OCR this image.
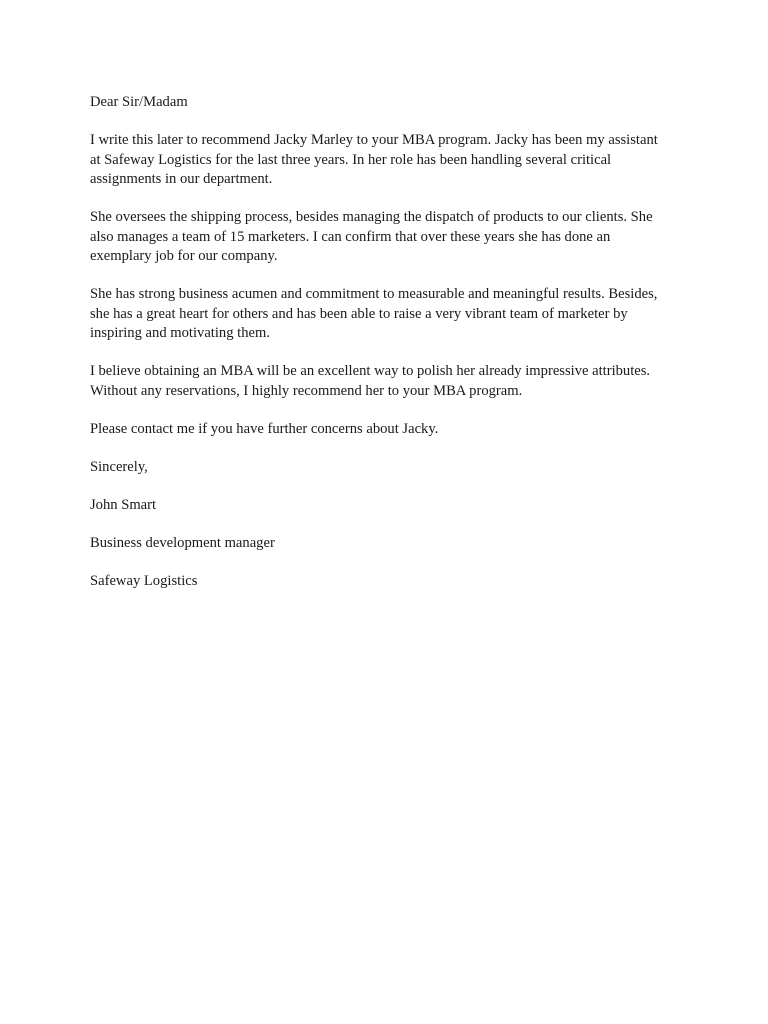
Dear Sir/Madam

I write this later to recommend Jacky Marley to your MBA program. Jacky has been my assistant
at Safeway Logistics for the last three years. In her role has been handling several critical
assignments in our department.

She oversees the shipping process, besides managing the dispatch of products to our clients. She
also manages a team of 15 marketers. I can confirm that over these years she has done an
exemplary job for our company.

She has strong business acumen and commitment to measurable and meaningful results. Besides,
she has a great heart for others and has been able to raise a very vibrant team of marketer by
inspiring and motivating them.

I believe obtaining an MBA will be an excellent way to polish her already impressive attributes.
Without any reservations, I highly recommend her to your MBA program.

Please contact me if you have further concerns about Jacky.

Sincerely,

John Smart

Business development manager

Safeway Logistics
